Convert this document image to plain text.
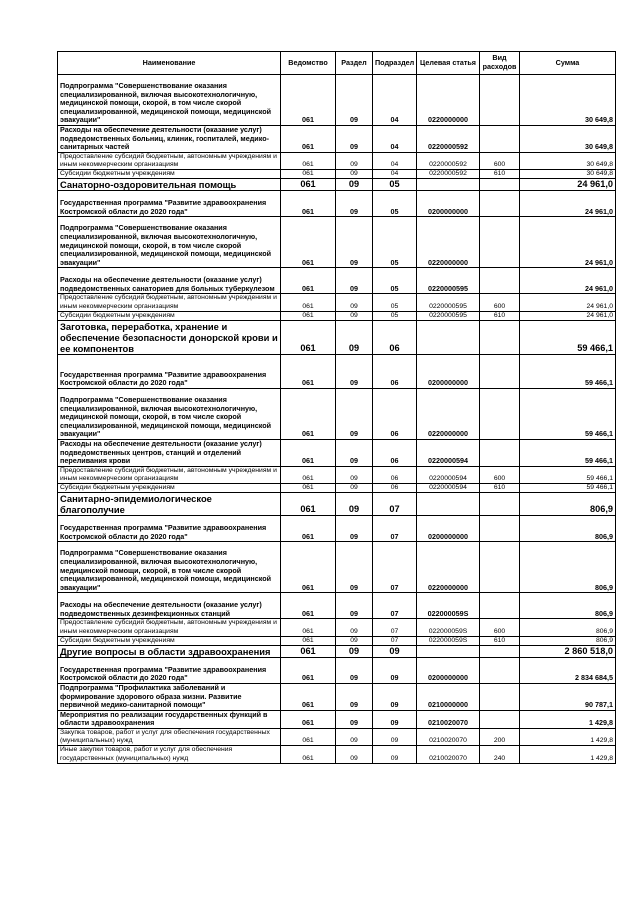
Наименование	Ведомство	Раздел	Подраздел	Целевая статья	Вид расходов	Сумма
Подпрограмма "Совершенствование оказания специализированной, включая высокотехнологичную, медицинской помощи, скорой, в том числе скорой специализированной, медицинской помощи, медицинской эвакуации"	061	09	04	0220000000		30 649,8
Расходы на обеспечение деятельности (оказание услуг) подведомственных больниц, клиник, госпиталей, медико-санитарных частей	061	09	04	0220000592		30 649,8
Предоставление субсидий бюджетным, автономным учреждениям и иным некоммерческим организациям	061	09	04	0220000592	600	30 649,8
Субсидии бюджетным учреждениям	061	09	04	0220000592	610	30 649,8
Санаторно-оздоровительная помощь	061	09	05			24 961,0
Государственная программа "Развитие здравоохранения Костромской области до 2020 года"	061	09	05	0200000000		24 961,0
Подпрограмма "Совершенствование оказания специализированной, включая высокотехнологичную, медицинской помощи, скорой, в том числе скорой специализированной, медицинской помощи, медицинской эвакуации"	061	09	05	0220000000		24 961,0
Расходы на обеспечение деятельности (оказание услуг) подведомственных санаториев для больных туберкулезом	061	09	05	0220000595		24 961,0
Предоставление субсидий бюджетным, автономным учреждениям и иным некоммерческим организациям	061	09	05	0220000595	600	24 961,0
Субсидии бюджетным учреждениям	061	09	05	0220000595	610	24 961,0
Заготовка, переработка, хранение и обеспечение безопасности донорской крови и ее компонентов	061	09	06			59 466,1
Государственная программа "Развитие здравоохранения Костромской области до 2020 года"	061	09	06	0200000000		59 466,1
Подпрограмма "Совершенствование оказания специализированной, включая высокотехнологичную, медицинской помощи, скорой, в том числе скорой специализированной, медицинской помощи, медицинской эвакуации"	061	09	06	0220000000		59 466,1
Расходы на обеспечение деятельности (оказание услуг) подведомственных центров, станций и отделений переливания крови	061	09	06	0220000594		59 466,1
Предоставление субсидий бюджетным, автономным учреждениям и иным некоммерческим организациям	061	09	06	0220000594	600	59 466,1
Субсидии бюджетным учреждениям	061	09	06	0220000594	610	59 466,1
Санитарно-эпидемиологическое благополучие	061	09	07			806,9
Государственная программа "Развитие здравоохранения Костромской области до 2020 года"	061	09	07	0200000000		806,9
Подпрограмма "Совершенствование оказания специализированной, включая высокотехнологичную, медицинской помощи, скорой, в том числе скорой специализированной, медицинской помощи, медицинской эвакуации"	061	09	07	0220000000		806,9
Расходы на обеспечение деятельности (оказание услуг) подведомственных дезинфекционных станций	061	09	07	022000059S		806,9
Предоставление субсидий бюджетным, автономным учреждениям и иным некоммерческим организациям	061	09	07	022000059S	600	806,9
Субсидии бюджетным учреждениям	061	09	07	022000059S	610	806,9
Другие вопросы в области здравоохранения	061	09	09			2 860 518,0
Государственная программа "Развитие здравоохранения Костромской области до 2020 года"	061	09	09	0200000000		2 834 684,5
Подпрограмма "Профилактика заболеваний и формирование здорового образа жизни. Развитие первичной медико-санитарной помощи"	061	09	09	0210000000		90 787,1
Мероприятия по реализации государственных функций в области здравоохранения	061	09	09	0210020070		1 429,8
Закупка товаров, работ и услуг для обеспечения государственных (муниципальных) нужд	061	09	09	0210020070	200	1 429,8
Иные закупки товаров, работ и услуг для обеспечения государственных (муниципальных) нужд	061	09	09	0210020070	240	1 429,8
